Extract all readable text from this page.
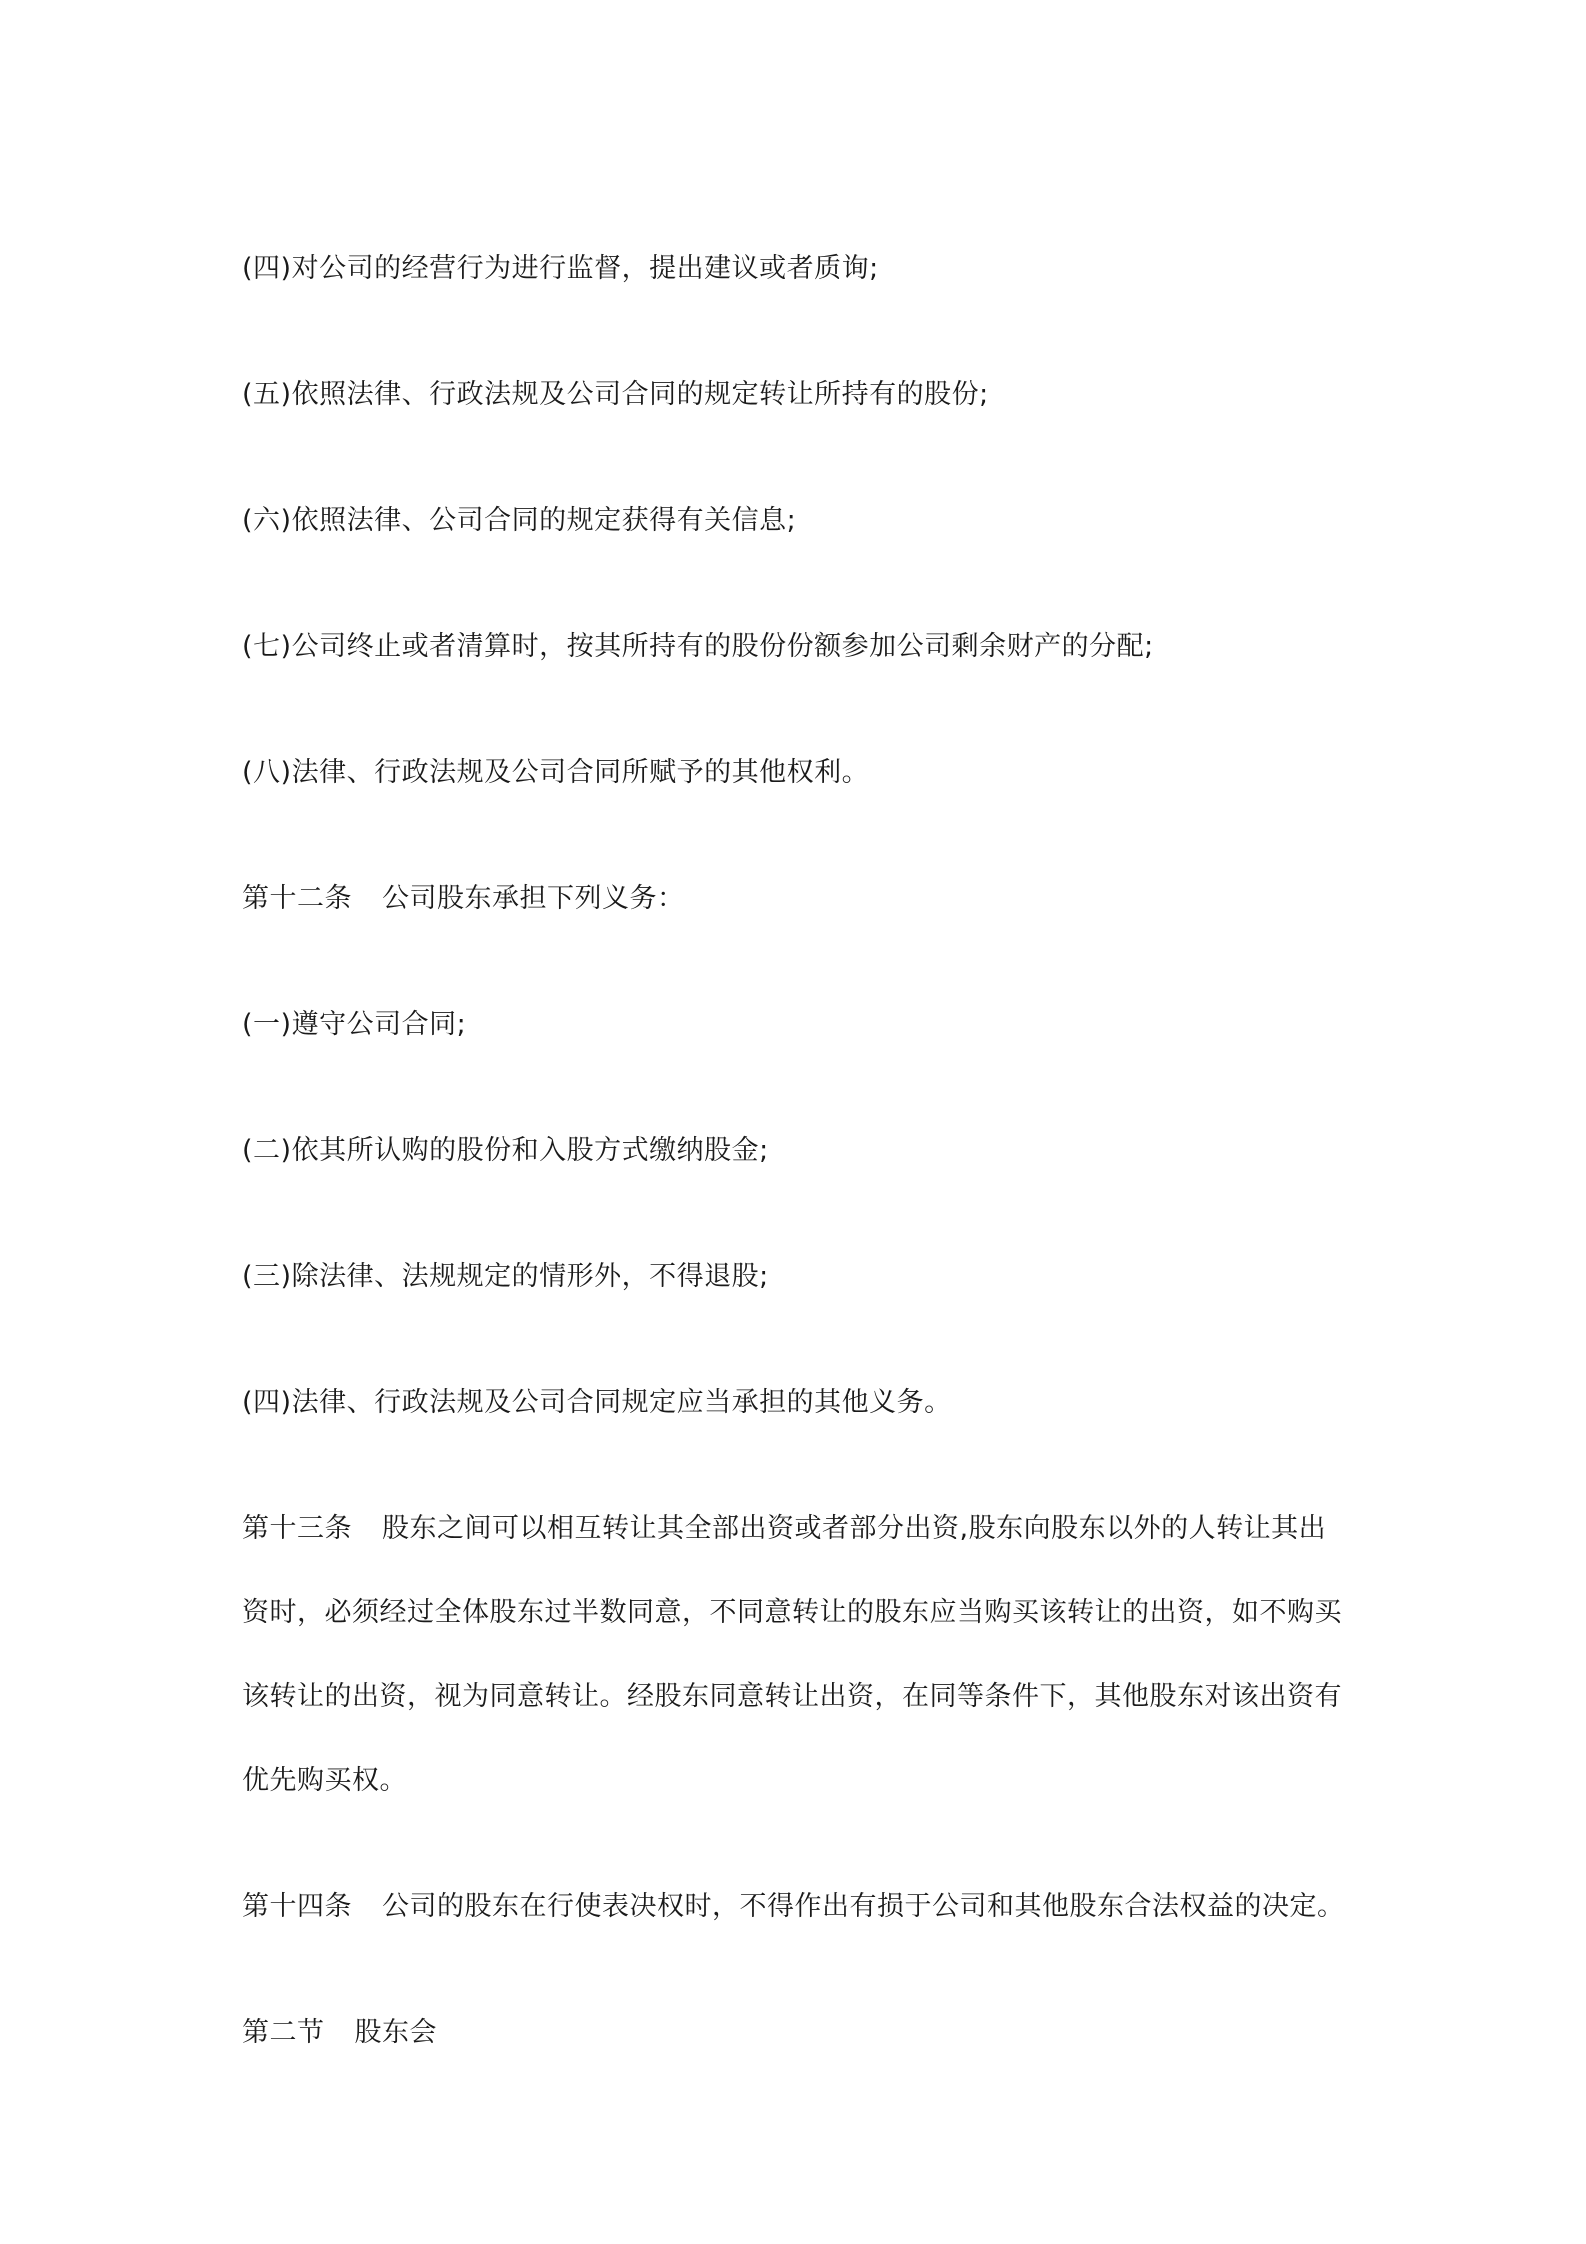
(四)对公司的经营行为进行监督，提出建议或者质询;

(五)依照法律、行政法规及公司合同的规定转让所持有的股份;

(六)依照法律、公司合同的规定获得有关信息;

(七)公司终止或者清算时，按其所持有的股份份额参加公司剩余财产的分配;

(八)法律、行政法规及公司合同所赋予的其他权利。

第十二条 公司股东承担下列义务：

(一)遵守公司合同;

(二)依其所认购的股份和入股方式缴纳股金;

(三)除法律、法规规定的情形外，不得退股;

(四)法律、行政法规及公司合同规定应当承担的其他义务。

第十三条 股东之间可以相互转让其全部出资或者部分出资,股东向股东以外的人转让其出资时，必须经过全体股东过半数同意，不同意转让的股东应当购买该转让的出资，如不购买该转让的出资，视为同意转让。经股东同意转让出资，在同等条件下，其他股东对该出资有优先购买权。

第十四条 公司的股东在行使表决权时，不得作出有损于公司和其他股东合法权益的决定。

第二节 股东会
